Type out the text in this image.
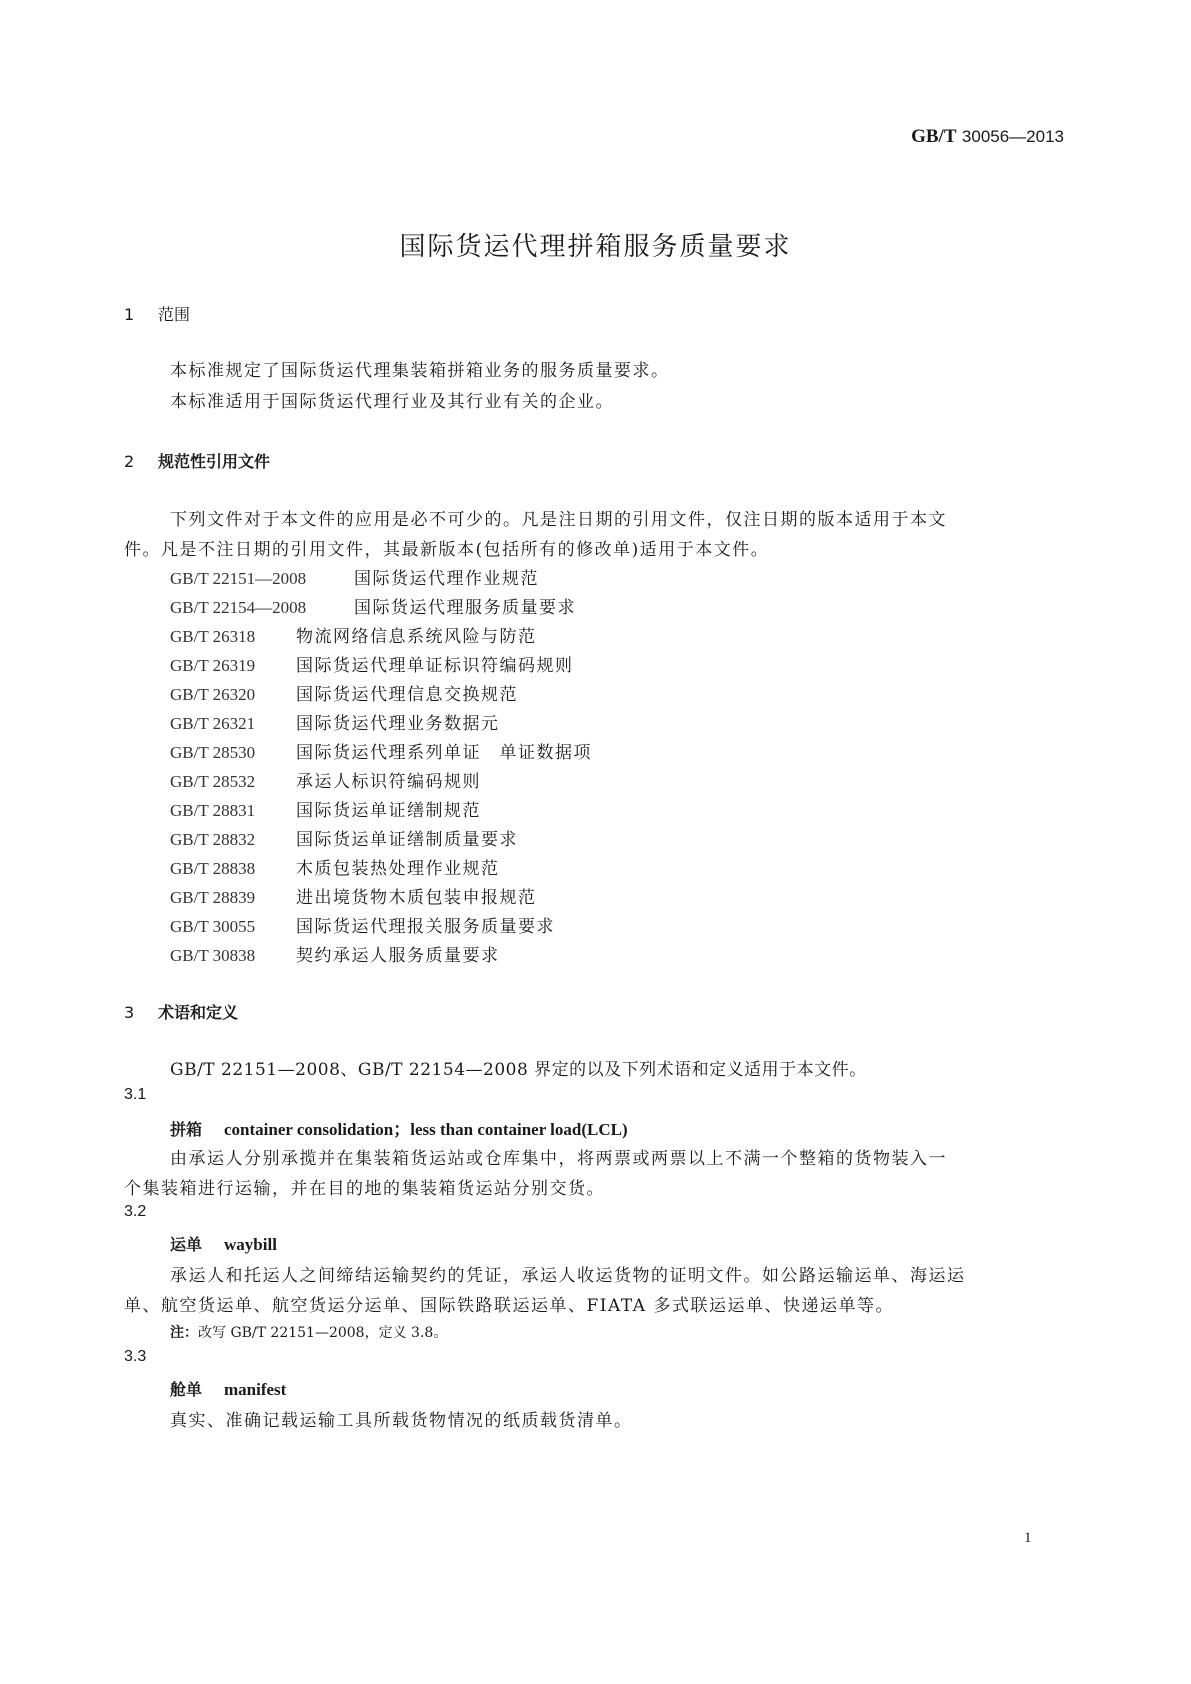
GB/T 30056—2013
国际货运代理拼箱服务质量要求
1 范围
本标准规定了国际货运代理集装箱拼箱业务的服务质量要求。
本标准适用于国际货运代理行业及其行业有关的企业。
2 规范性引用文件
下列文件对于本文件的应用是必不可少的。凡是注日期的引用文件，仅注日期的版本适用于本文
件。凡是不注日期的引用文件，其最新版本(包括所有的修改单)适用于本文件。
GB/T 22151—2008	国际货运代理作业规范
GB/T 22154—2008	国际货运代理服务质量要求
GB/T 26318 物流网络信息系统风险与防范
GB/T 26319 国际货运代理单证标识符编码规则
GB/T 26320 国际货运代理信息交换规范
GB/T 26321 国际货运代理业务数据元
GB/T 28530 国际货运代理系列单证　单证数据项
GB/T 28532 承运人标识符编码规则
GB/T 28831 国际货运单证缮制规范
GB/T 28832 国际货运单证缮制质量要求
GB/T 28838 木质包装热处理作业规范
GB/T 28839 进出境货物木质包装申报规范
GB/T 30055 国际货运代理报关服务质量要求
GB/T 30838 契约承运人服务质量要求
3 术语和定义
GB/T 22151—2008、GB/T 22154—2008 界定的以及下列术语和定义适用于本文件。
3.1
拼箱 container consolidation；less than container load(LCL)
由承运人分别承揽并在集装箱货运站或仓库集中，将两票或两票以上不满一个整箱的货物装入一
个集装箱进行运输，并在目的地的集装箱货运站分别交货。
3.2
运单 waybill
承运人和托运人之间缔结运输契约的凭证，承运人收运货物的证明文件。如公路运输运单、海运运
单、航空货运单、航空货运分运单、国际铁路联运运单、FIATA 多式联运运单、快递运单等。
注：改写 GB/T 22151—2008，定义 3.8。
3.3
舱单 manifest
真实、准确记载运输工具所载货物情况的纸质载货清单。
1
